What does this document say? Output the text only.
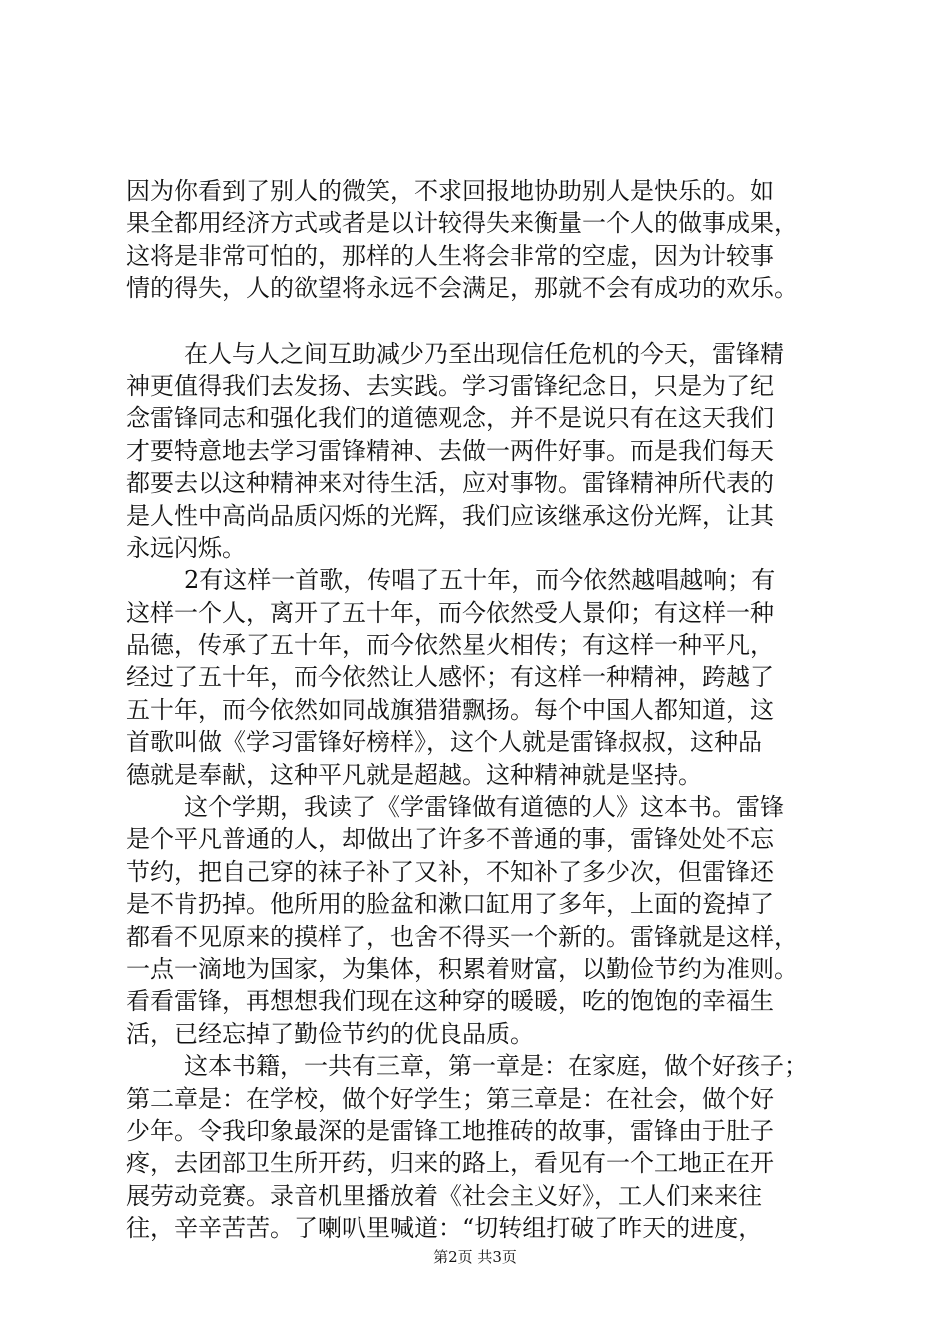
因为你看到了别人的微笑，不求回报地协助别人是快乐的。如
果全都用经济方式或者是以计较得失来衡量一个人的做事成果，
这将是非常可怕的，那样的人生将会非常的空虚，因为计较事
情的得失，人的欲望将永远不会满足，那就不会有成功的欢乐。
在人与人之间互助减少乃至出现信任危机的今天，雷锋精
神更值得我们去发扬、去实践。学习雷锋纪念日，只是为了纪
念雷锋同志和强化我们的道德观念，并不是说只有在这天我们
才要特意地去学习雷锋精神、去做一两件好事。而是我们每天
都要去以这种精神来对待生活，应对事物。雷锋精神所代表的
是人性中高尚品质闪烁的光辉，我们应该继承这份光辉，让其
永远闪烁。
2有这样一首歌，传唱了五十年，而今依然越唱越响；有
这样一个人，离开了五十年，而今依然受人景仰；有这样一种
品德，传承了五十年，而今依然星火相传；有这样一种平凡，
经过了五十年，而今依然让人感怀；有这样一种精神，跨越了
五十年，而今依然如同战旗猎猎飘扬。每个中国人都知道，这
首歌叫做《学习雷锋好榜样》，这个人就是雷锋叔叔，这种品
德就是奉献，这种平凡就是超越。这种精神就是坚持。
这个学期，我读了《学雷锋做有道德的人》这本书。雷锋
是个平凡普通的人，却做出了许多不普通的事，雷锋处处不忘
节约，把自己穿的袜子补了又补，不知补了多少次，但雷锋还
是不肯扔掉。他所用的脸盆和漱口缸用了多年，上面的瓷掉了
都看不见原来的摸样了，也舍不得买一个新的。雷锋就是这样，
一点一滴地为国家，为集体，积累着财富，以勤俭节约为准则。
看看雷锋，再想想我们现在这种穿的暖暖，吃的饱饱的幸福生
活，已经忘掉了勤俭节约的优良品质。
这本书籍，一共有三章，第一章是：在家庭，做个好孩子；
第二章是：在学校，做个好学生；第三章是：在社会，做个好
少年。令我印象最深的是雷锋工地推砖的故事，雷锋由于肚子
疼，去团部卫生所开药，归来的路上，看见有一个工地正在开
展劳动竞赛。录音机里播放着《社会主义好》，工人们来来往
往，辛辛苦苦。了喇叭里喊道：“切转组打破了昨天的进度，
第2页 共3页
